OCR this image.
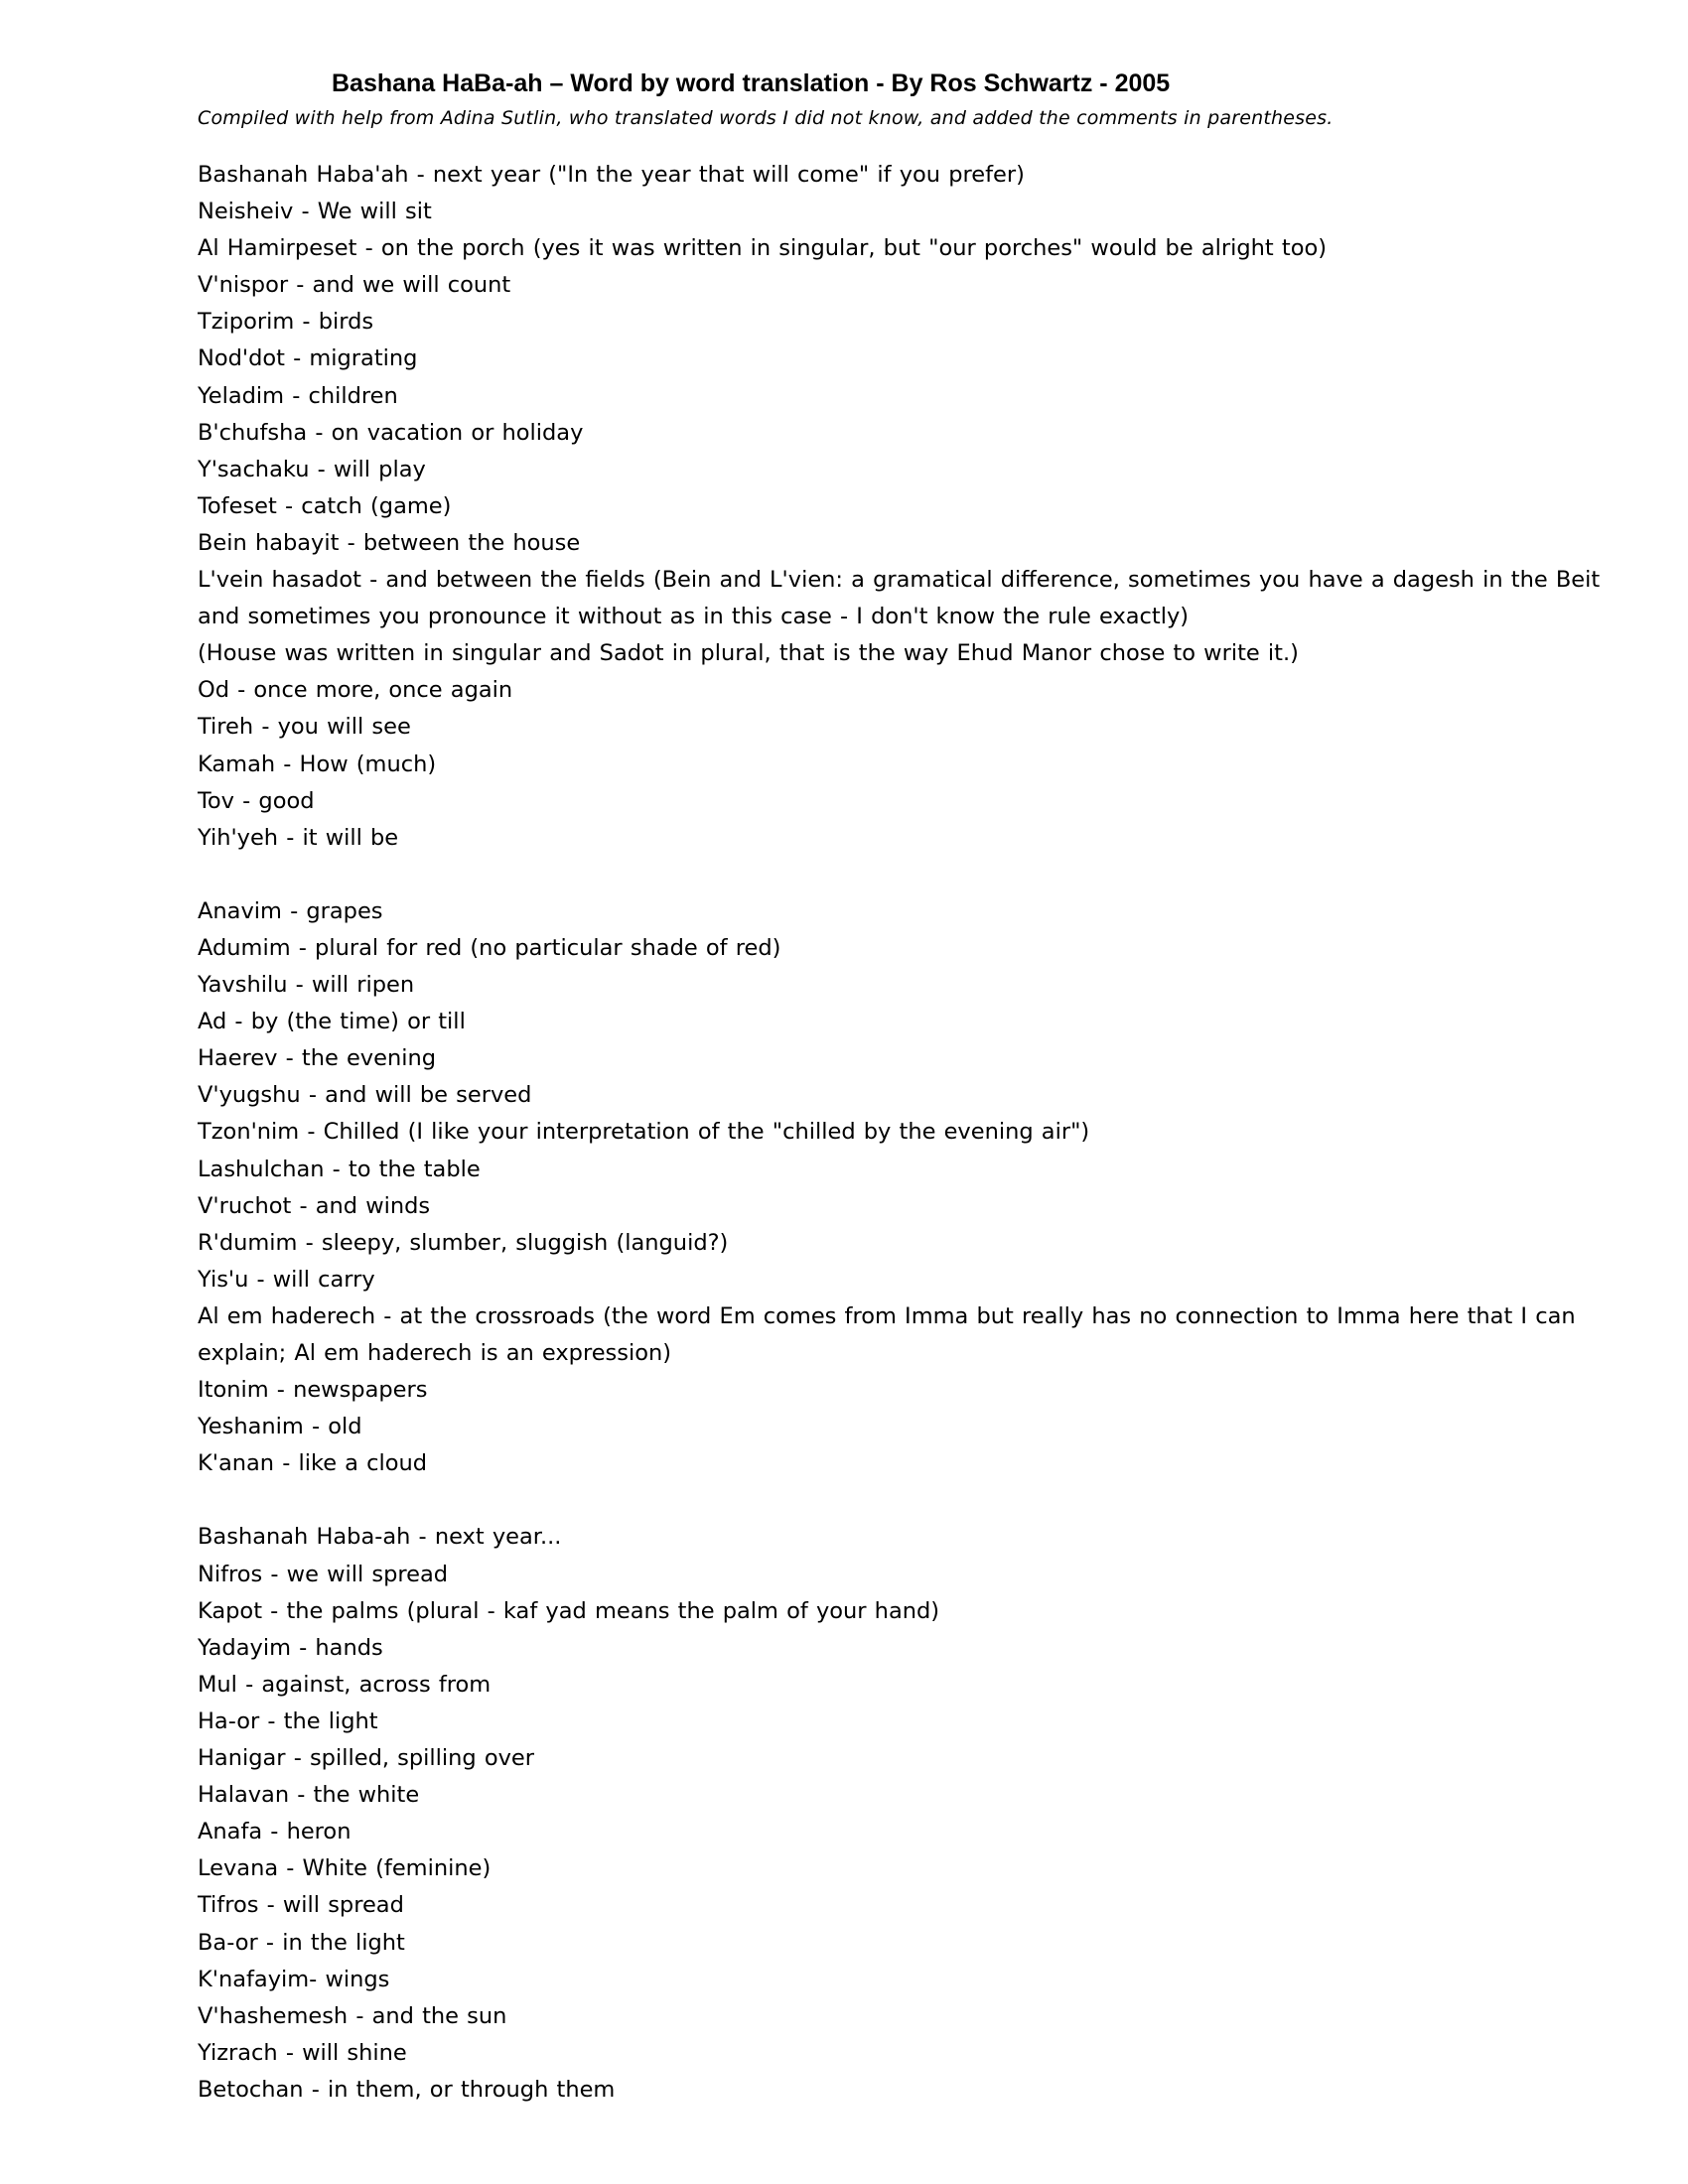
Bashana HaBa-ah – Word by word translation - By Ros Schwartz - 2005
Compiled with help from Adina Sutlin, who translated words I did not know, and added the comments in parentheses.
Bashanah Haba'ah - next year ("In the year that will come" if you prefer)
Neisheiv - We will sit
Al Hamirpeset - on the porch (yes it was written in singular, but "our porches" would be alright too)
V'nispor - and we will count
Tziporim - birds
Nod'dot - migrating
Yeladim - children
B'chufsha - on vacation or holiday
Y'sachaku - will play
Tofeset - catch (game)
Bein habayit - between the house
L'vein hasadot - and between the fields (Bein and L'vien: a gramatical difference, sometimes you have a dagesh in the Beit and sometimes you pronounce it without as in this case - I don't know the rule exactly)
(House was written in singular and Sadot in plural, that is the way Ehud Manor chose to write it.)
Od - once more, once again
Tireh - you will see
Kamah - How (much)
Tov - good
Yih'yeh - it will be
Anavim - grapes
Adumim - plural for red (no particular shade of red)
Yavshilu - will ripen
Ad - by (the time) or till
Haerev - the evening
V'yugshu - and will be served
Tzon'nim - Chilled (I like your interpretation of the "chilled by the evening air")
Lashulchan - to the table
V'ruchot - and winds
R'dumim - sleepy, slumber, sluggish (languid?)
Yis'u - will carry
Al em haderech - at the crossroads (the word Em comes from Imma but really has no connection to Imma here that I can explain; Al em haderech is an expression)
Itonim - newspapers
Yeshanim - old
K'anan - like a cloud
Bashanah Haba-ah - next year...
Nifros - we will spread
Kapot - the palms (plural - kaf yad means the palm of your hand)
Yadayim - hands
Mul - against, across from
Ha-or - the light
Hanigar - spilled, spilling over
Halavan - the white
Anafa - heron
Levana - White (feminine)
Tifros - will spread
Ba-or - in the light
K'nafayim- wings
V'hashemesh - and the sun
Yizrach - will shine
Betochan - in them, or through them
